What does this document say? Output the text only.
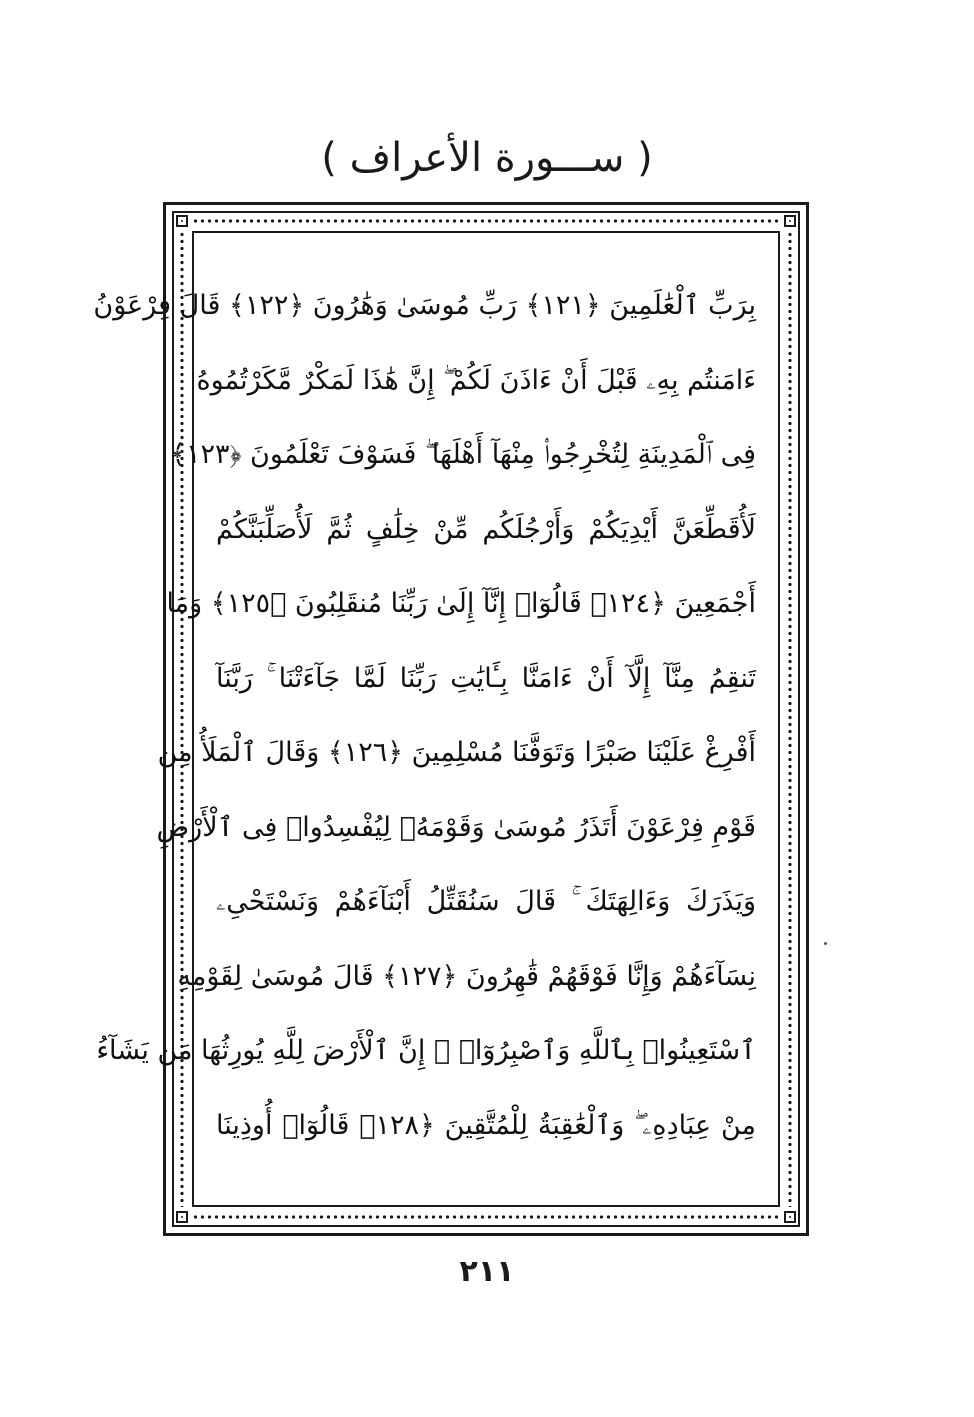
( ســـورة الأعراف )
بِرَبِّ ٱلْعَٰلَمِينَ ﴿١٢١﴾ رَبِّ مُوسَىٰ وَهَٰرُونَ ﴿١٢٢﴾ قَالَ فِرْعَوْنُ
ءَامَنتُم بِهِۦ قَبْلَ أَنْ ءَاذَنَ لَكُمْ ۖ إِنَّ هَٰذَا لَمَكْرٌ مَّكَرْتُمُوهُ
فِى ٱلْمَدِينَةِ لِتُخْرِجُوا۟ مِنْهَآ أَهْلَهَا ۖ فَسَوْفَ تَعْلَمُونَ ﴿١٢٣﴾
لَأُقَطِّعَنَّ أَيْدِيَكُمْ وَأَرْجُلَكُم مِّنْ خِلَٰفٍ ثُمَّ لَأُصَلِّبَنَّكُمْ
أَجْمَعِينَ ﴿١٢٤﴾ قَالُوٓا۟ إِنَّآ إِلَىٰ رَبِّنَا مُنقَلِبُونَ ﴿١٢٥﴾ وَمَا
تَنقِمُ مِنَّآ إِلَّآ أَنْ ءَامَنَّا بِـَٔايَٰتِ رَبِّنَا لَمَّا جَآءَتْنَا ۚ رَبَّنَآ
أَفْرِغْ عَلَيْنَا صَبْرًا وَتَوَفَّنَا مُسْلِمِينَ ﴿١٢٦﴾ وَقَالَ ٱلْمَلَأُ مِن
قَوْمِ فِرْعَوْنَ أَتَذَرُ مُوسَىٰ وَقَوْمَهُۥ لِيُفْسِدُوا۟ فِى ٱلْأَرْضِ
وَيَذَرَكَ وَءَالِهَتَكَ ۚ قَالَ سَنُقَتِّلُ أَبْنَآءَهُمْ وَنَسْتَحْىِۦ
نِسَآءَهُمْ وَإِنَّا فَوْقَهُمْ قَٰهِرُونَ ﴿١٢٧﴾ قَالَ مُوسَىٰ لِقَوْمِهِ
ٱسْتَعِينُوا۟ بِٱللَّهِ وَٱصْبِرُوٓا۟ ۖ إِنَّ ٱلْأَرْضَ لِلَّهِ يُورِثُهَا مَن يَشَآءُ
مِنْ عِبَادِهِۦ ۖ وَٱلْعَٰقِبَةُ لِلْمُتَّقِينَ ﴿١٢٨﴾ قَالُوٓا۟ أُوذِينَا
٢١١
